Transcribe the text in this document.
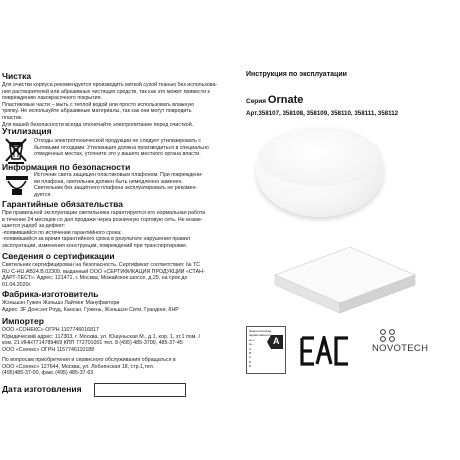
Чистка
Для очистки корпуса рекомендуется производить мягкой сухой тканью без использова-
ния растворителей или абразивных чистящих средств, так как это может привести к
повреждению лакокрасочного покрытия.
Пластиковые части – мыть с теплой водой или просто использовать влажную
тряпку. Не используйте абразивные материалы, так как они могут повредить
пластик.
Для вашей безопасности всегда отключайте электропитание перед очисткой.
Утилизация
Отходы электротехнической продукции не следует утилизировать с
бытовыми отходами. Утилизация должна производиться в специально
отведенных местах, уточните это у вашего местного органа власти.
Информация по безопасности
Источник света защищен пластиковым плафоном. При повреждени-
ии плафона, светильник должен быть немедленно заменен.
Светильник без защитного плафона эксплуатировать не рекомен-
дуется.
Гарантийные обязательства
При правильной эксплуатации светильника гарантируется его нормальная работа
в течение 24 месяцев со дня продажи через розничную торговую сеть. Не возме-
щается ущерб за дефект:
-появившийся по истечении гарантийного срока;
-появившийся за время гарантийного срока в результате нарушения правил
эксплуатации, изменения конструкции, повреждений при транспортировке.
Сведения о сертификации
Светильник сертифицирован на безопасность. Сертификат соответствия: № ТС
RU C-HU.АВ24.В.02309, выданный ООО «СЕРТИФИКАЦИЯ ПРОДУКЦИИ «СТАН-
ДАРТ-ТЕСТ». Адрес: 121471, г. Москва, Можайское шоссе, д.29, на срок до
01.04.2020г.
Фабрика-изготовитель
Жэньшэн Гужен Жэньшэ Лайтинг Мануфактори
Адрес: 3F Донсэнг Роуд, Кансан, Гужень, Жэньшэн Сити, Гуандонг, КНР
Импортер
ООО «СОНЕКС» ОГРН 1107746016817
Юридический адрес: 117303, г. Москва, ул. Юшуньская М., д.1, кор. 1, эт.1 пом. I
ком. 21 ИНН7714789469 КПП 772701001 тел. 8 (495) 485-3700, 485-37-45
ООО «Сонекс» ОГРН 1157746110188
По вопросам приобретения и сервисного обслуживания обращаться в
ООО «Сонекс» 127644, Москва, ул. Лобненская 18, стр.1,тел.
(495)485-37-00, факс (495) 485-37-63
Дата изготовления
Инструкция по эксплуатации
Серия Ornate
Арт.358107, 358108, 358109, 358110, 358111, 358112
Энергетическая
эффективность
A++
A+
A
B
C
D
E
A
NOVOTECH
